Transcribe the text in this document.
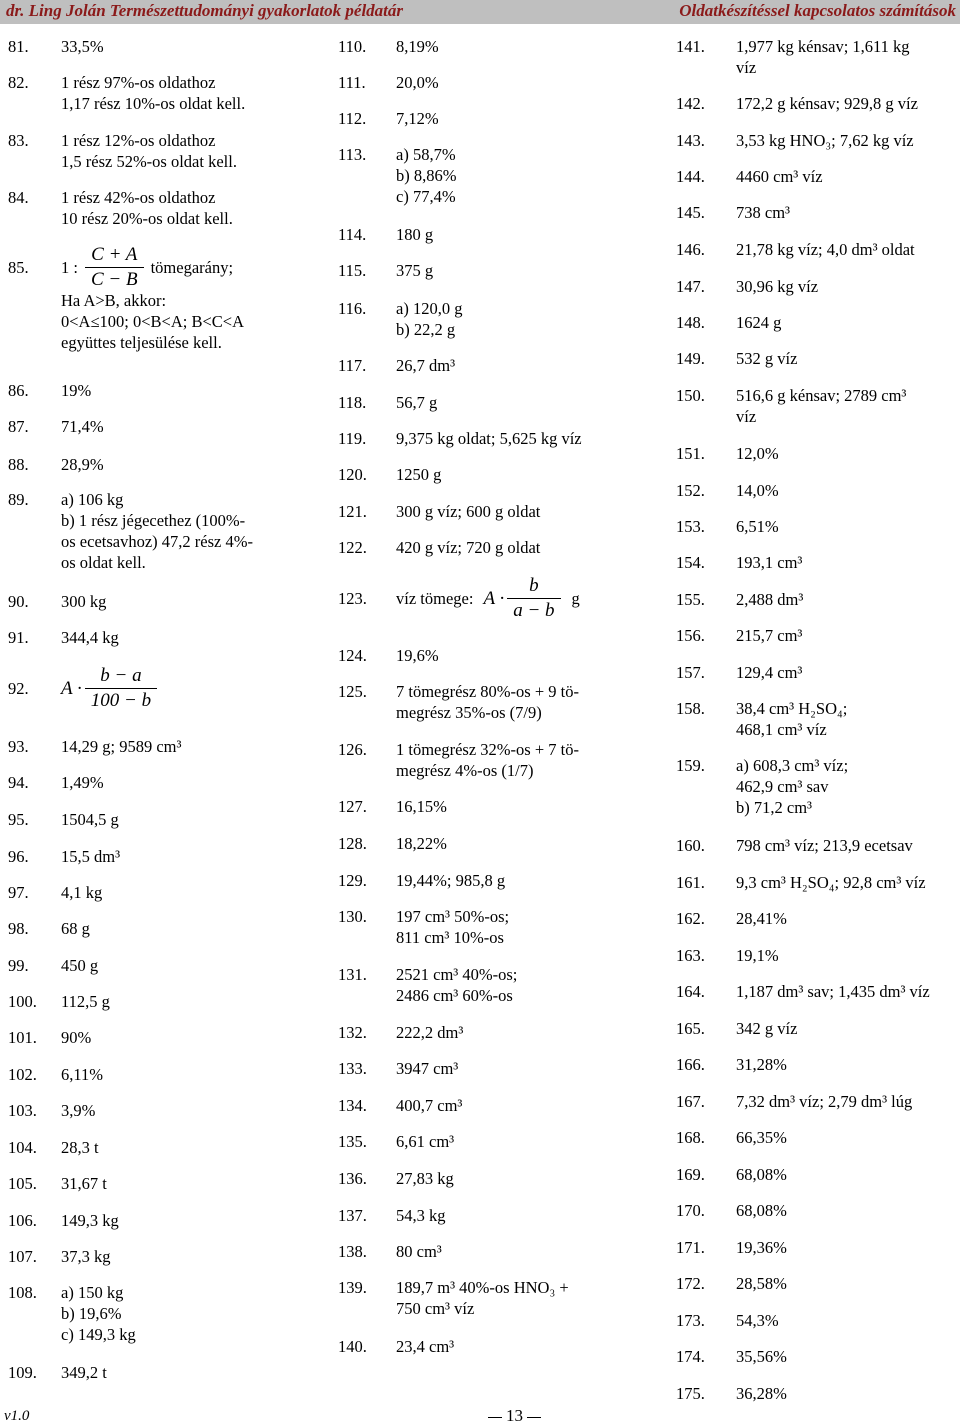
dr. Ling Jolán Természettudományi gyakorlatok példatár	Oldatkészítéssel kapcsolatos számítások
81.	33,5%
82.	1 rész 97%-os oldathoz
1,17 rész 10%-os oldat kell.
83.	1 rész 12%-os oldathoz
1,5 rész 52%-os oldat kell.
84.	1 rész 42%-os oldathoz
10 rész 20%-os oldat kell.
86.	19%
87.	71,4%
88.	28,9%
89.	a) 106 kg
b) 1 rész jégecethez (100%-
os ecetsavhoz) 47,2 rész 4%-
os oldat kell.
90.	300 kg
91.	344,4 kg
93.	14,29 g; 9589 cm³
94.	1,49%
95.	1504,5 g
96.	15,5 dm³
97.	4,1 kg
98.	68 g
99.	450 g
100.	112,5 g
101.	90%
102.	6,11%
103.	3,9%
104.	28,3 t
105.	31,67 t
106.	149,3 kg
107.	37,3 kg
108.	a) 150 kg
b) 19,6%
c) 149,3 kg
109.	349,2 t
110.	8,19%
111.	20,0%
112.	7,12%
113.	a) 58,7%
b) 8,86%
c) 77,4%
114.	180 g
115.	375 g
116.	a) 120,0 g
b) 22,2 g
117.	26,7 dm³
118.	56,7 g
119.	9,375 kg oldat; 5,625 kg víz
120.	1250 g
121.	300 g víz; 600 g oldat
122.	420 g víz; 720 g oldat
124.	19,6%
125.	7 tömegrész 80%-os + 9 tö-
megrész 35%-os (7/9)
126.	1 tömegrész 32%-os + 7 tö-
megrész 4%-os (1/7)
127.	16,15%
128.	18,22%
129.	19,44%; 985,8 g
130.	197 cm³ 50%-os;
811 cm³ 10%-os
131.	2521 cm³ 40%-os;
2486 cm³ 60%-os
132.	222,2 dm³
133.	3947 cm³
134.	400,7 cm³
135.	6,61 cm³
136.	27,83 kg
137.	54,3 kg
138.	80 cm³
139.	189,7 m³ 40%-os HNO₃ +
750 cm³ víz
140.	23,4 cm³
141.	1,977 kg kénsav; 1,611 kg
víz
142.	172,2 g kénsav; 929,8 g víz
143.	3,53 kg HNO₃; 7,62 kg víz
144.	4460 cm³ víz
145.	738 cm³
146.	21,78 kg víz; 4,0 dm³ oldat
147.	30,96 kg víz
148.	1624 g
149.	532 g víz
150.	516,6 g kénsav; 2789 cm³
víz
151.	12,0%
152.	14,0%
153.	6,51%
154.	193,1 cm³
155.	2,488 dm³
156.	215,7 cm³
157.	129,4 cm³
158.	38,4 cm³ H₂SO₄;
468,1 cm³ víz
159.	a) 608,3 cm³ víz;
462,9 cm³ sav
b) 71,2 cm³
160.	798 cm³ víz; 213,9 ecetsav
161.	9,3 cm³ H₂SO₄; 92,8 cm³ víz
162.	28,41%
163.	19,1%
164.	1,187 dm³ sav; 1,435 dm³ víz
165.	342 g víz
166.	31,28%
167.	7,32 dm³ víz; 2,79 dm³ lúg
168.	66,35%
169.	68,08%
170.	68,08%
171.	19,36%
172.	28,58%
173.	54,3%
174.	35,56%
175.	36,28%
85.	1 : $\frac{C + A}{C - B}$ tömegarány;
Ha A>B, akkor:
0<A≤100; 0<B<A; B<C<A
együttes teljesülése kell.
92.	$A \cdot \frac{b - a}{100 - b}$
123.	víz tömege: $A \cdot \frac{b}{a - b}$ g
v1.0	13
